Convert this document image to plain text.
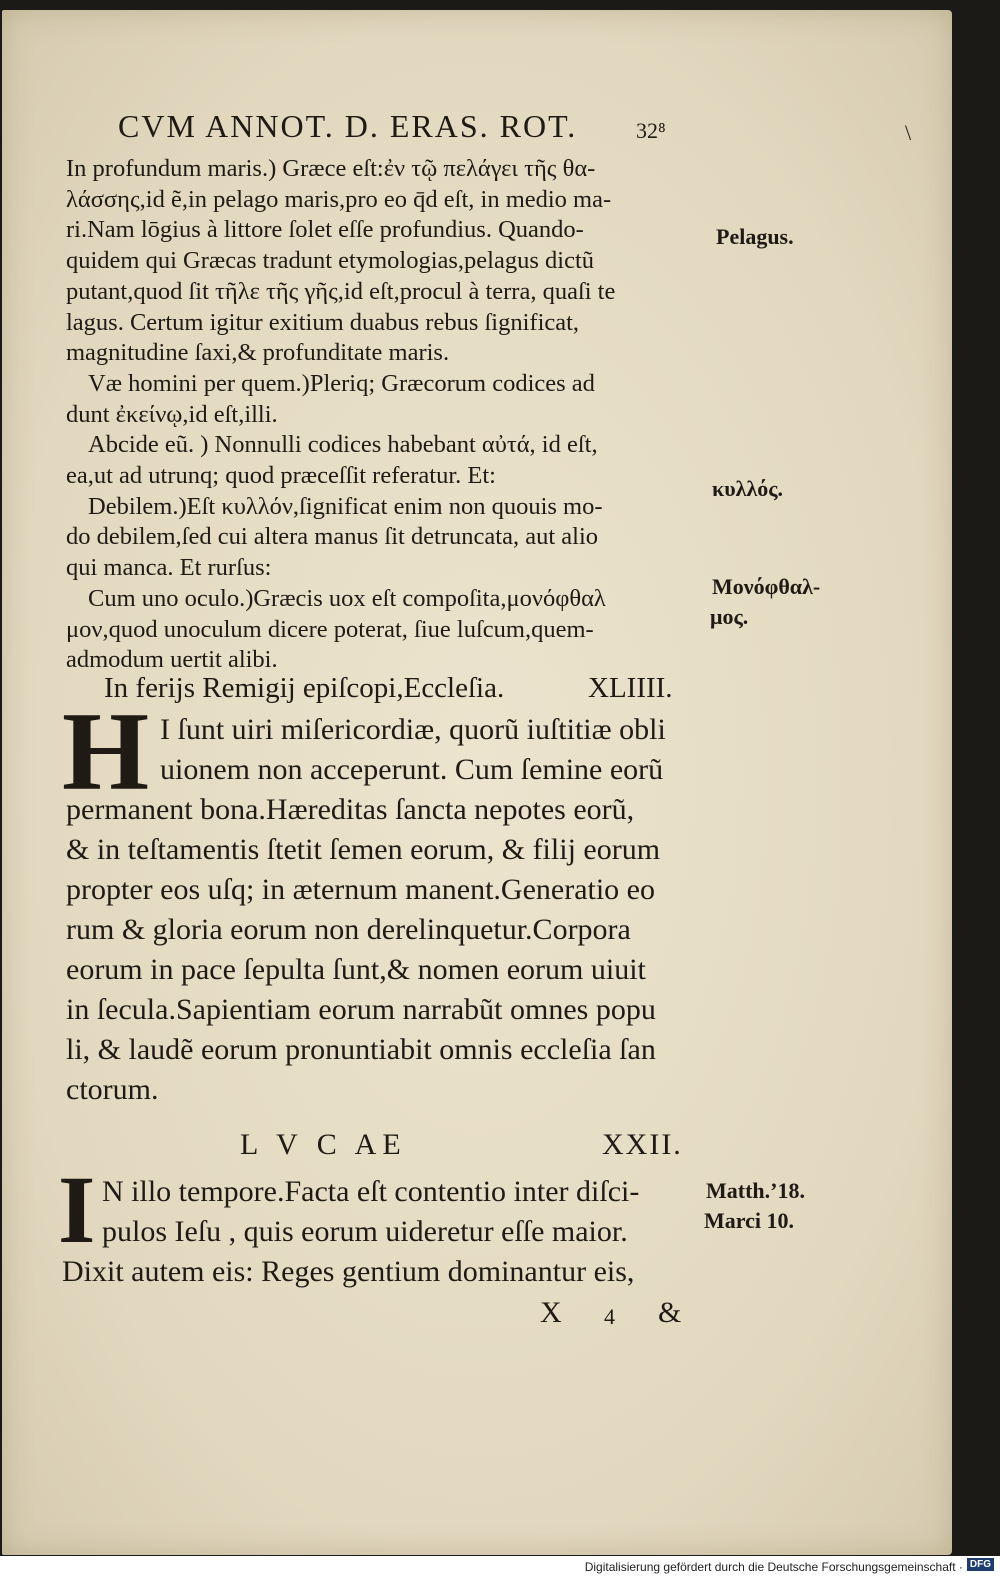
CVM ANNOT. D. ERAS. ROT.	32⁸	\
In profundum maris.) Græce eſt:ἐν τῷ πελάγει τῆς θα-
λάσσης,id ẽ,in pelago maris,pro eo q̄d eſt, in medio ma-
ri.Nam lōgius à littore ſolet eſſe profundius. Quando-
quidem qui Græcas tradunt etymologias,pelagus dictũ
putant,quod ſit τῆλε τῆς γῆς,id eſt,procul à terra, quaſi te
lagus. Certum igitur exitium duabus rebus ſignificat,
magnitudine ſaxi,& profunditate maris.
Væ homini per quem.)Pleriq; Græcorum codices ad
dunt ἐκείνῳ,id eſt,illi.
Abcide eũ. ) Nonnulli codices habebant αὐτά, id eſt,
ea,ut ad utrunq; quod præceſſit referatur. Et:
Debilem.)Eſt κυλλόν,ſignificat enim non quouis mo-
do debilem,ſed cui altera manus ſit detruncata, aut alio
qui manca. Et rurſus:
Cum uno oculo.)Græcis uox eſt compoſita,μονόφθαλ
μον,quod unoculum dicere poterat, ſiue luſcum,quem-
admodum uertit alibi.
Pelagus.
κυλλός.
Μονόφθαλ-
μος.
In ferijs Remigij epiſcopi,Eccleſia.	XLIIII.
H I ſunt uiri miſericordiæ, quorũ iuſtitiæ obli
uionem non acceperunt. Cum ſemine eorũ
permanent bona.Hæreditas ſancta nepotes eorũ,
& in teſtamentis ſtetit ſemen eorum, & filij eorum
propter eos uſq; in æternum manent.Generatio eo
rum & gloria eorum non derelinquetur.Corpora
eorum in pace ſepulta ſunt,& nomen eorum uiuit
in ſecula.Sapientiam eorum narrabũt omnes popu
li, & laudẽ eorum pronuntiabit omnis eccleſia ſan
ctorum.
L V C AE	XXII.
I N illo tempore.Facta eſt contentio inter diſci-
pulos Ieſu , quis eorum uideretur eſſe maior.
Dixit autem eis: Reges gentium dominantur eis,
Matth.’18.
Marci 10.
X 4 &
Digitalisierung gefördert durch die Deutsche Forschungsgemeinschaft · DFG
